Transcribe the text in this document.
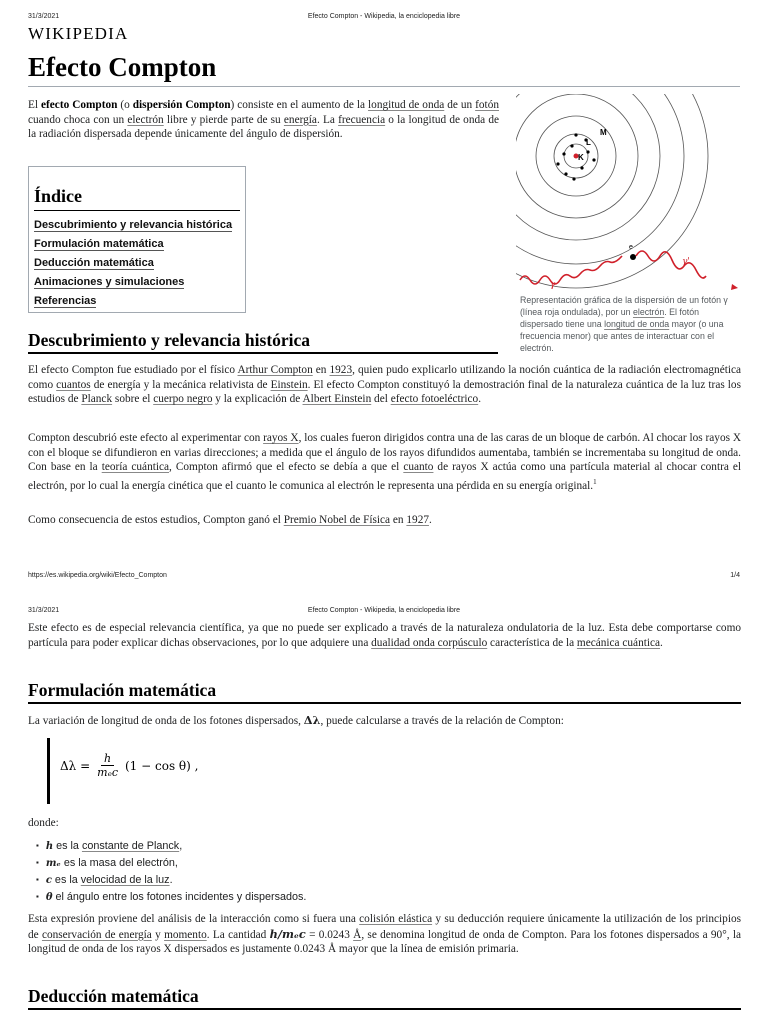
31/3/2021	Efecto Compton - Wikipedia, la enciclopedia libre
WIKIPEDIA
Efecto Compton

El efecto Compton (o dispersión Compton) consiste en el aumento de la longitud de onda de un fotón cuando choca con un electrón libre y pierde parte de su energía. La frecuencia o la longitud de onda de la radiación dispersada depende únicamente del ángulo de dispersión.

Índice
Descubrimiento y relevancia histórica
Formulación matemática
Deducción matemática
Animaciones y simulaciones
Referencias
K
L
M
e
γ'
γ
Representación gráfica de la dispersión de un fotón γ (línea roja ondulada), por un electrón. El fotón dispersado tiene una longitud de onda mayor (o una frecuencia menor) que antes de interactuar con el electrón.
Descubrimiento y relevancia histórica

El efecto Compton fue estudiado por el físico Arthur Compton en 1923, quien pudo explicarlo utilizando la noción cuántica de la radiación electromagnética como cuantos de energía y la mecánica relativista de Einstein. El efecto Compton constituyó la demostración final de la naturaleza cuántica de la luz tras los estudios de Planck sobre el cuerpo negro y la explicación de Albert Einstein del efecto fotoeléctrico.

Compton descubrió este efecto al experimentar con rayos X, los cuales fueron dirigidos contra una de las caras de un bloque de carbón. Al chocar los rayos X con el bloque se difundieron en varias direcciones; a medida que el ángulo de los rayos difundidos aumentaba, también se incrementaba su longitud de onda. Con base en la teoría cuántica, Compton afirmó que el efecto se debía a que el cuanto de rayos X actúa como una partícula material al chocar contra el electrón, por lo cual la energía cinética que el cuanto le comunica al electrón le representa una pérdida en su energía original.$^1$

Como consecuencia de estos estudios, Compton ganó el Premio Nobel de Física en 1927.

https://es.wikipedia.org/wiki/Efecto_Compton	1/4
31/3/2021	Efecto Compton - Wikipedia, la enciclopedia libre

Este efecto es de especial relevancia científica, ya que no puede ser explicado a través de la naturaleza ondulatoria de la luz. Esta debe comportarse como partícula para poder explicar dichas observaciones, por lo que adquiere una dualidad onda corpúsculo característica de la mecánica cuántica.

Formulación matemática

La variación de longitud de onda de los fotones dispersados, Δλ, puede calcularse a través de la relación de Compton:

$\Delta\lambda = \frac{h}{\text{mₑc}} (1 - \cos \theta)$ ,

donde:

▪ h es la constante de Planck,
▪ mₑ es la masa del electrón,
▪ c es la velocidad de la luz.
▪ θ el ángulo entre los fotones incidentes y dispersados.

Esta expresión proviene del análisis de la interacción como si fuera una colisión elástica y su deducción requiere únicamente la utilización de los principios de conservación de energía y momento. La cantidad h/mₑc = 0.0243 Å, se denomina longitud de onda de Compton. Para los fotones dispersados a 90°, la longitud de onda de los rayos X dispersados es justamente 0.0243 Å mayor que la línea de emisión primaria.

Deducción matemática
